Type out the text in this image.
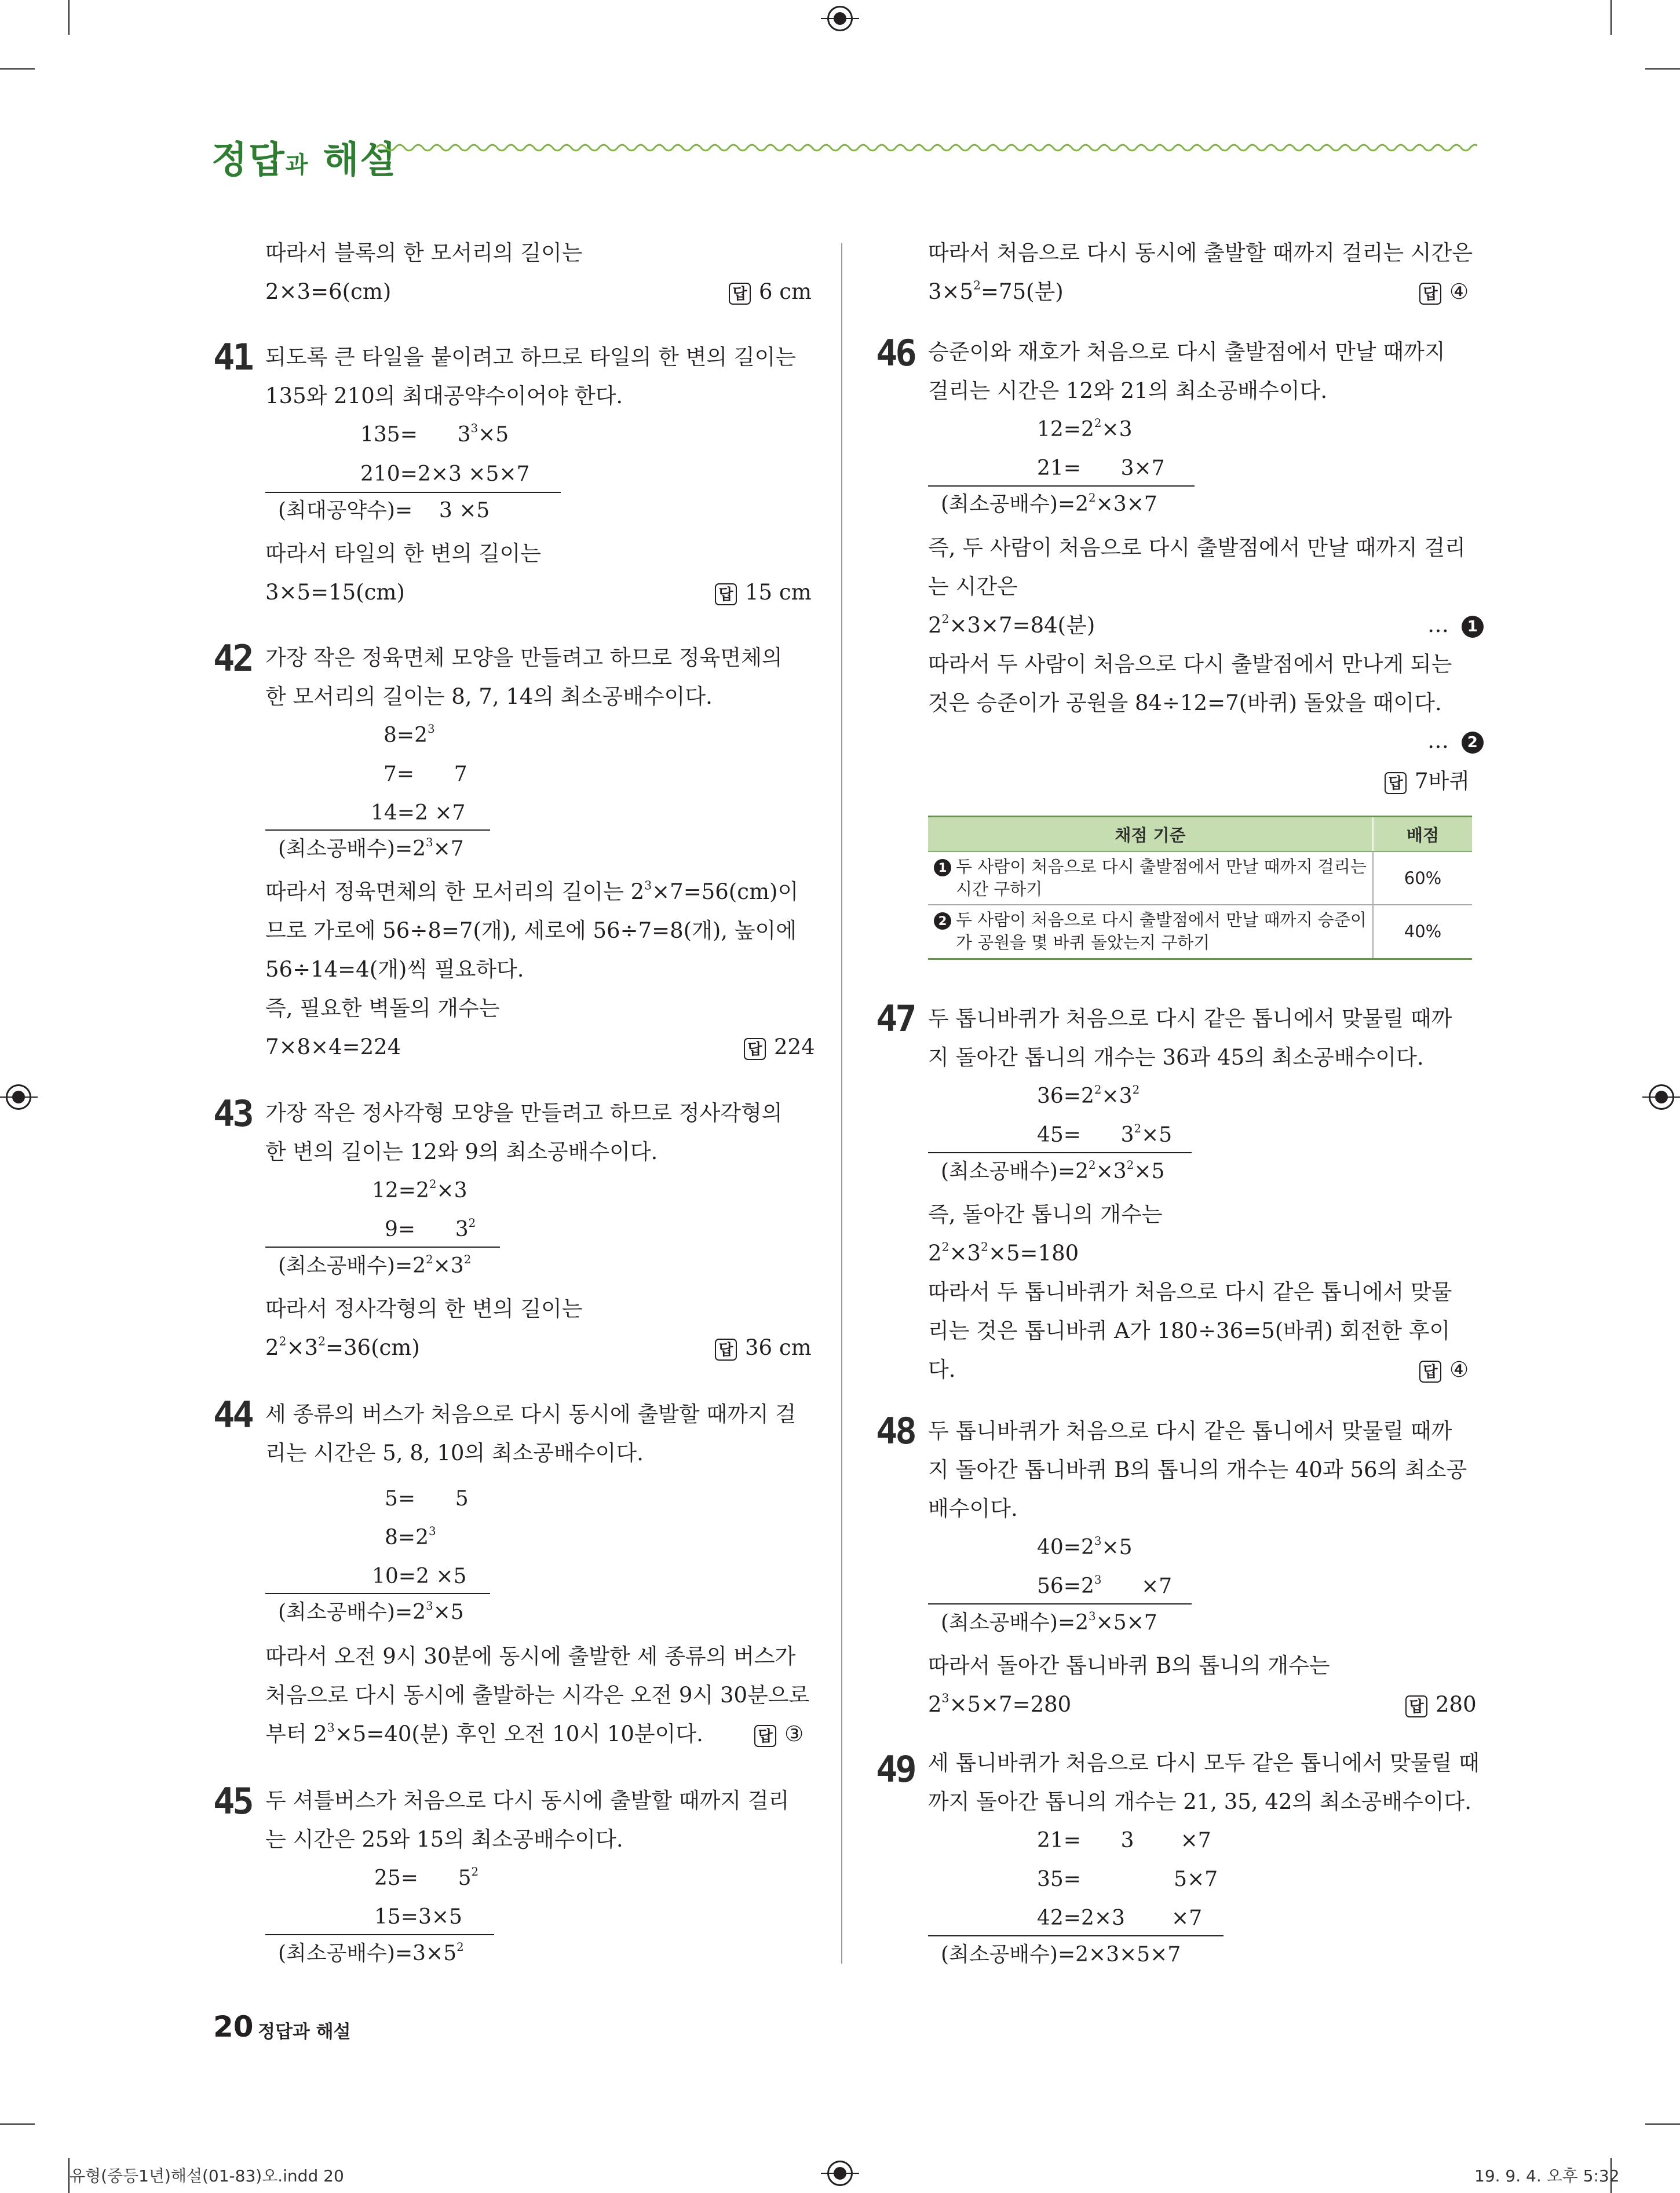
정답과 해설
따라서 블록의 한 모서리의 길이는
2×3=6(cm)	답 6 cm
41 되도록 큰 타일을 붙이려고 하므로 타일의 한 변의 길이는
135와 210의 최대공약수이어야 한다.
$135= 3^3\times 5$
210=2×3 ×5×7
(최대공약수)=    3 ×5
따라서 타일의 한 변의 길이는
3×5=15(cm)	답 15 cm
42 가장 작은 정육면체 모양을 만들려고 하므로 정육면체의
한 모서리의 길이는 8, 7, 14의 최소공배수이다.
$8=2^3$
7=      7
14=2 ×7
(최소공배수)$=2^3\times 7$
따라서 정육면체의 한 모서리의 길이는 $2^3\times 7=56(cm)$이
므로 가로에 56÷8=7(개), 세로에 56÷7=8(개), 높이에
56÷14=4(개)씩 필요하다.
즉, 필요한 벽돌의 개수는
7×8×4=224	답 224
43 가장 작은 정사각형 모양을 만들려고 하므로 정사각형의
한 변의 길이는 12와 9의 최소공배수이다.
$12=2^2\times 3$
9=      $3^2$
(최소공배수)$=2^2\times 3^2$
따라서 정사각형의 한 변의 길이는
$2^2\times 3^2=36(cm)$	답 36 cm
44 세 종류의 버스가 처음으로 다시 동시에 출발할 때까지 걸
리는 시간은 5, 8, 10의 최소공배수이다.
5=      5
$8=2^3$
10=2 ×5
(최소공배수)$=2^3\times 5$
따라서 오전 9시 30분에 동시에 출발한 세 종류의 버스가
처음으로 다시 동시에 출발하는 시각은 오전 9시 30분으로
부터 $2^3\times 5=40$(분) 후인 오전 10시 10분이다.	답 ③
45 두 셔틀버스가 처음으로 다시 동시에 출발할 때까지 걸리
는 시간은 25와 15의 최소공배수이다.
25=      $5^2$
15=3×5
(최소공배수)$=3\times 5^2$
따라서 처음으로 다시 동시에 출발할 때까지 걸리는 시간은
$3\times 5^2=75$(분)	답 ④
46 승준이와 재호가 처음으로 다시 출발점에서 만날 때까지
걸리는 시간은 12와 21의 최소공배수이다.
$12=2^2\times 3$
21=      3×7
(최소공배수)$=2^2\times 3\times 7$
즉, 두 사람이 처음으로 다시 출발점에서 만날 때까지 걸리
는 시간은
$2^2\times 3\times 7=84$(분)	… 1
따라서 두 사람이 처음으로 다시 출발점에서 만나게 되는
것은 승준이가 공원을 84÷12=7(바퀴) 돌았을 때이다.
… 2
답 7바퀴
채점 기준	배점
1 두 사람이 처음으로 다시 출발점에서 만날 때까지 걸리는
시간 구하기	60%
2 두 사람이 처음으로 다시 출발점에서 만날 때까지 승준이
가 공원을 몇 바퀴 돌았는지 구하기	40%
47 두 톱니바퀴가 처음으로 다시 같은 톱니에서 맞물릴 때까
지 돌아간 톱니의 개수는 36과 45의 최소공배수이다.
$36=2^2\times 3^2$
45=      $3^2\times 5$
(최소공배수)$=2^2\times 3^2\times 5$
즉, 돌아간 톱니의 개수는
$2^2\times 3^2\times 5=180$
따라서 두 톱니바퀴가 처음으로 다시 같은 톱니에서 맞물
리는 것은 톱니바퀴 A가 180÷36=5(바퀴) 회전한 후이
다.	답 ④
48 두 톱니바퀴가 처음으로 다시 같은 톱니에서 맞물릴 때까
지 돌아간 톱니바퀴 B의 톱니의 개수는 40과 56의 최소공
배수이다.
$40=2^3\times 5$
$56=2^3$      ×7
(최소공배수)$=2^3\times 5\times 7$
따라서 돌아간 톱니바퀴 B의 톱니의 개수는
$2^3\times 5\times 7=280$	답 280
49 세 톱니바퀴가 처음으로 다시 모두 같은 톱니에서 맞물릴 때
까지 돌아간 톱니의 개수는 21, 35, 42의 최소공배수이다.
21=      3       ×7
35=              5×7
42=2×3       ×7
(최소공배수)=2×3×5×7
20 정답과 해설
유형(중등1년)해설(01-83)오.indd 20	19. 9. 4. 오후 5:32
